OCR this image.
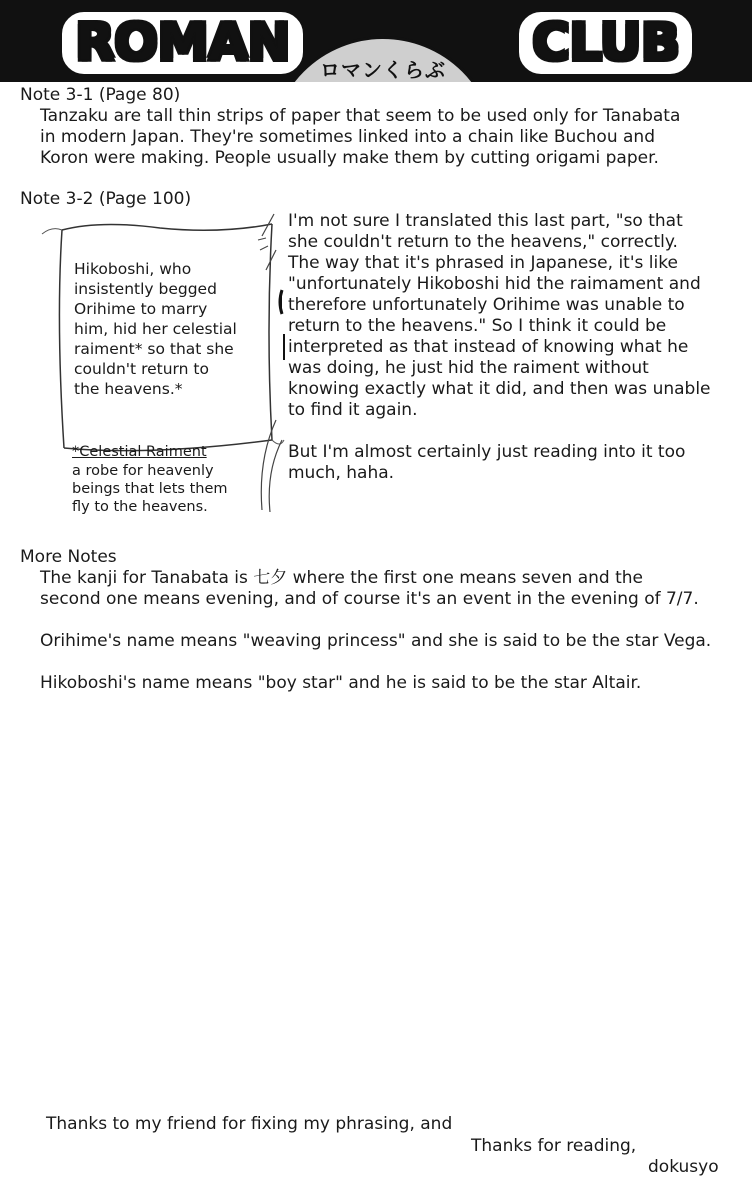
ロマンくらぶ
ROMAN	CLUB
Note 3-1 (Page 80)
Tanzaku are tall thin strips of paper that seem to be used only for Tanabata
in modern Japan. They're sometimes linked into a chain like Buchou and
Koron were making. People usually make them by cutting origami paper.
Note 3-2 (Page 100)
Hikoboshi, who
insistently begged
Orihime to marry
him, hid her celestial
raiment* so that she
couldn't return to
the heavens.*
*Celestial Raiment
a robe for heavenly
beings that lets them
fly to the heavens.
I'm not sure I translated this last part, "so that
she couldn't return to the heavens," correctly.
The way that it's phrased in Japanese, it's like
"unfortunately Hikoboshi hid the raimament and
therefore unfortunately Orihime was unable to
return to the heavens." So I think it could be
interpreted as that instead of knowing what he
was doing, he just hid the raiment without
knowing exactly what it did, and then was unable
to find it again.
But I'm almost certainly just reading into it too
much, haha.
More Notes
The kanji for Tanabata is 七夕 where the first one means seven and the
second one means evening, and of course it's an event in the evening of 7/7.
Orihime's name means "weaving princess" and she is said to be the star Vega.
Hikoboshi's name means "boy star" and he is said to be the star Altair.
Thanks to my friend for fixing my phrasing, and
Thanks for reading,
dokusyo
